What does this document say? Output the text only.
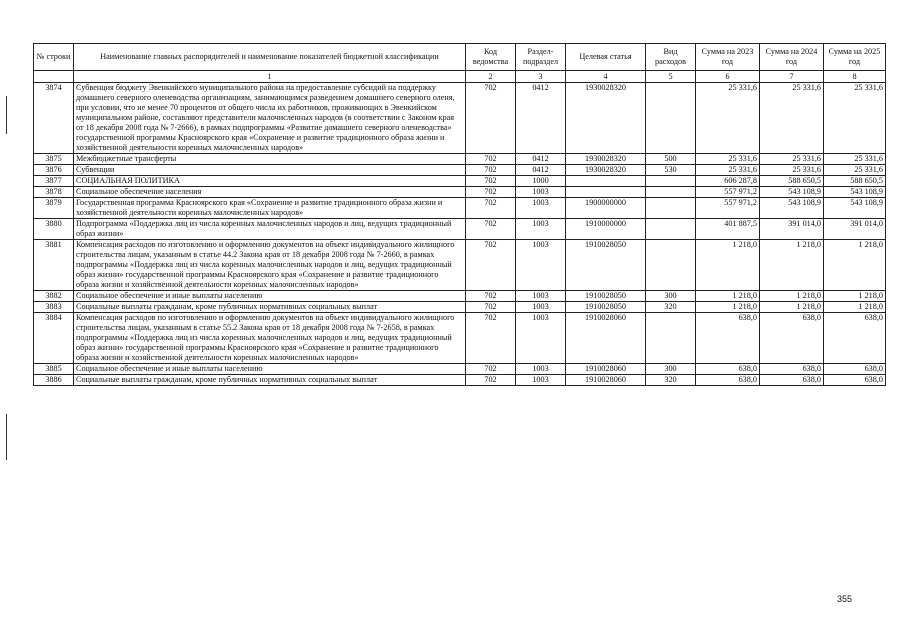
№ строки	Наименование главных распорядителей и наименование показателей бюджетной классификации	Код ведомства	Раздел-подраздел	Целевая статья	Вид расходов	Сумма на 2023 год	Сумма на 2024 год	Сумма на 2025 год
	1	2	3	4	5	6	7	8
3874	Субвенция бюджету Эвенкийского муниципального района на предоставление субсидий на поддержку домашнего северного оленеводства организациям, занимающимся разведением домашнего северного оленя, при условии, что не менее 70 процентов от общего числа их работников, проживающих в Эвенкийском муниципальном районе, составляют представители малочисленных народов (в соответствии с Законом края от 18 декабря 2008 года № 7-2666), в рамках подпрограммы «Развитие домашнего северного оленеводства» государственной программы Красноярского края «Сохранение и развитие традиционного образа жизни и хозяйственной деятельности коренных малочисленных народов»	702	0412	1930028320		25 331,6	25 331,6	25 331,6
3875	Межбюджетные трансферты	702	0412	1930028320	500	25 331,6	25 331,6	25 331,6
3876	Субвенции	702	0412	1930028320	530	25 331,6	25 331,6	25 331,6
3877	СОЦИАЛЬНАЯ ПОЛИТИКА	702	1000			606 287,8	588 650,5	588 650,5
3878	Социальное обеспечение населения	702	1003			557 971,2	543 108,9	543 108,9
3879	Государственная программа Красноярского края «Сохранение и развитие традиционного образа жизни и хозяйственной деятельности коренных малочисленных народов»	702	1003	1900000000		557 971,2	543 108,9	543 108,9
3880	Подпрограмма «Поддержка лиц из числа коренных малочисленных народов и лиц, ведущих традиционный образ жизни»	702	1003	1910000000		401 887,5	391 014,0	391 014,0
3881	Компенсация расходов по изготовлению и оформлению документов на объект индивидуального жилищного строительства лицам, указанным в статье 44.2 Закона края от 18 декабря 2008 года № 7-2660, в рамках подпрограммы «Поддержка лиц из числа коренных малочисленных народов и лиц, ведущих традиционный образ жизни» государственной программы Красноярского края «Сохранение и развитие традиционного образа жизни и хозяйственной деятельности коренных малочисленных народов»	702	1003	1910028050		1 218,0	1 218,0	1 218,0
3882	Социальное обеспечение и иные выплаты населению	702	1003	1910028050	300	1 218,0	1 218,0	1 218,0
3883	Социальные выплаты гражданам, кроме публичных нормативных социальных выплат	702	1003	1910028050	320	1 218,0	1 218,0	1 218,0
3884	Компенсация расходов по изготовлению и оформлению документов на объект индивидуального жилищного строительства лицам, указанным в статье 55.2 Закона края от 18 декабря 2008 года № 7-2658, в рамках подпрограммы «Поддержка лиц из числа коренных малочисленных народов и лиц, ведущих традиционный образ жизни» государственной программы Красноярского края «Сохранение и развитие традиционного образа жизни и хозяйственной деятельности коренных малочисленных народов»	702	1003	1910028060		638,0	638,0	638,0
3885	Социальное обеспечение и иные выплаты населению	702	1003	1910028060	300	638,0	638,0	638,0
3886	Социальные выплаты гражданам, кроме публичных нормативных социальных выплат	702	1003	1910028060	320	638,0	638,0	638,0
355
